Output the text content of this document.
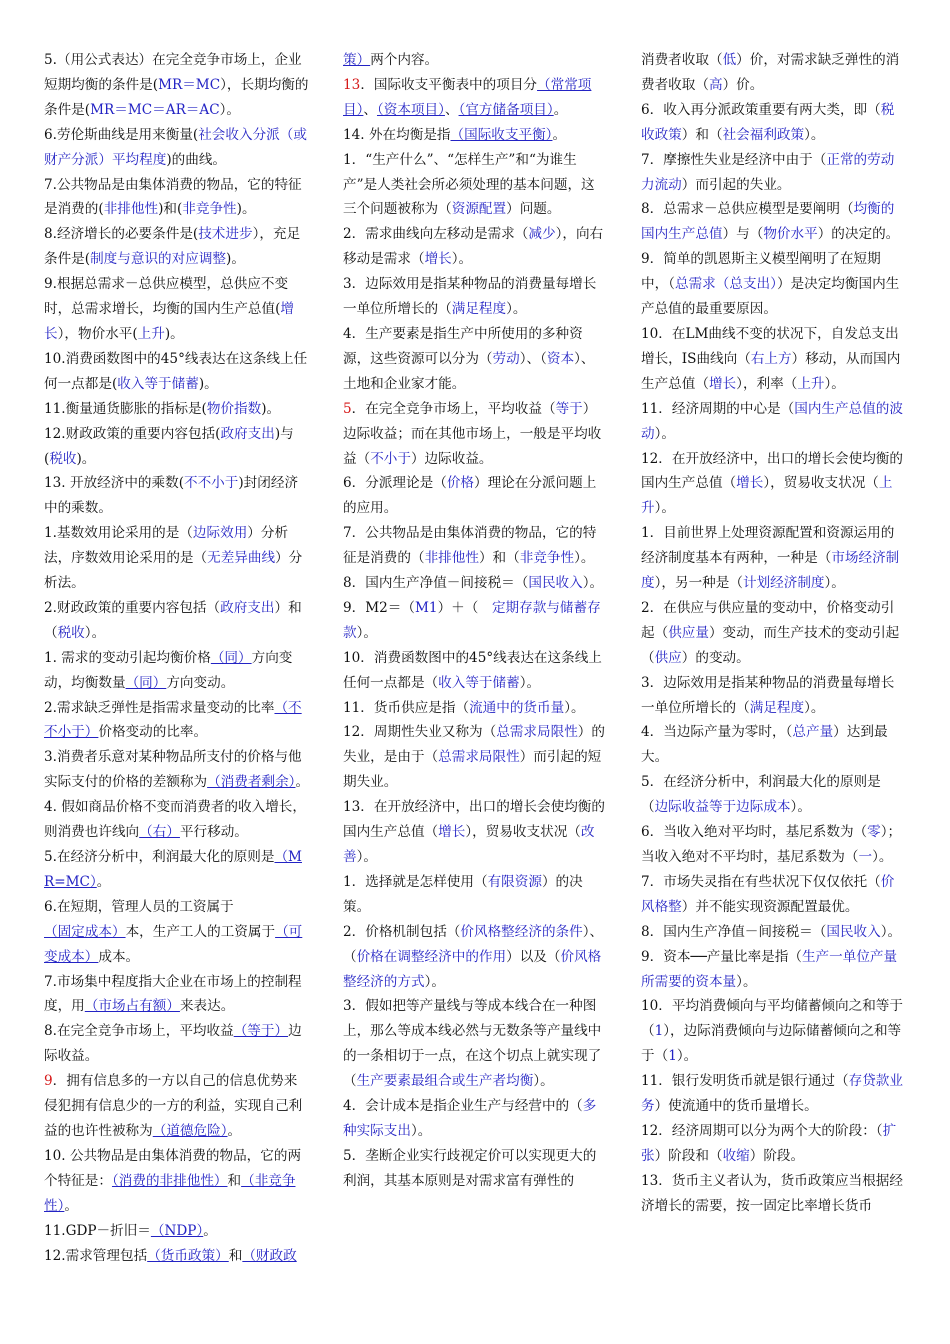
5.（用公式表达）在完全竞争市场上，企业短期均衡的条件是(MR＝MC），长期均衡的条件是(MR＝MC＝AR＝AC）。

6.劳伦斯曲线是用来衡量(社会收入分派（或财产分派）平均程度)的曲线。

7.公共物品是由集体消费的物品，它的特征是消费的(非排他性)和(非竞争性)。

8.经济增长的必要条件是(技术进步），充足条件是(制度与意识的对应调整)。

9.根据总需求－总供应模型，总供应不变时，总需求增长，均衡的国内生产总值(增长），物价水平(上升)。

10.消费函数图中的45°线表达在这条线上任何一点都是(收入等于储蓄)。

11.衡量通货膨胀的指标是(物价指数)。

12.财政政策的重要内容包括(政府支出)与(税收)。

13. 开放经济中的乘数(不不小于)封闭经济中的乘数。

1.基数效用论采用的是（边际效用）分析法，序数效用论采用的是（无差异曲线）分析法。

2.财政政策的重要内容包括（政府支出）和（税收）。

1. 需求的变动引起均衡价格（同）方向变动，均衡数量（同）方向变动。

2.需求缺乏弹性是指需求量变动的比率（不不小于）价格变动的比率。

3.消费者乐意对某种物品所支付的价格与他实际支付的价格的差额称为（消费者剩余）。

4. 假如商品价格不变而消费者的收入增长，则消费也许线向（右）平行移动。

5.在经济分析中，利润最大化的原则是（MR=MC）。

6.在短期，管理人员的工资属于（固定成本）本，生产工人的工资属于（可变成本）成本。

7.市场集中程度指大企业在市场上的控制程度，用（市场占有额）来表达。

8.在完全竞争市场上，平均收益（等于）边际收益。

9．拥有信息多的一方以自己的信息优势来侵犯拥有信息少的一方的利益，实现自己利益的也许性被称为（道德危险）。

10. 公共物品是由集体消费的物品，它的两个特征是：（消费的非排他性）和（非竞争性）。

11.GDP－折旧＝（NDP）。

12.需求管理包括（货币政策）和（财政政

策）两个内容。

13．国际收支平衡表中的项目分（常常项目）、（资本项目）、（官方储备项目）。

14. 外在均衡是指（国际收支平衡）。

1．“生产什么”、“怎样生产”和“为谁生产”是人类社会所必须处理的基本问题，这三个问题被称为（资源配置）问题。

2．需求曲线向左移动是需求（减少），向右移动是需求（增长）。

3．边际效用是指某种物品的消费量每增长一单位所增长的（满足程度）。

4．生产要素是指生产中所使用的多种资源，这些资源可以分为（劳动）、（资本）、土地和企业家才能。

5．在完全竞争市场上，平均收益（等于）边际收益；而在其他市场上，一般是平均收益（不小于）边际收益。

6．分派理论是（价格）理论在分派问题上的应用。

7．公共物品是由集体消费的物品，它的特征是消费的（非排他性）和（非竞争性）。

8．国内生产净值－间接税＝（国民收入）。

9．M2＝（M1）＋（　定期存款与储蓄存款）。

10．消费函数图中的45°线表达在这条线上任何一点都是（收入等于储蓄）。

11．货币供应是指（流通中的货币量）。

12．周期性失业又称为（总需求局限性）的失业，是由于（总需求局限性）而引起的短期失业。

13．在开放经济中，出口的增长会使均衡的国内生产总值（增长），贸易收支状况（改善）。

1．选择就是怎样使用（有限资源）的决策。

2．价格机制包括（价风格整经济的条件）、（价格在调整经济中的作用）以及（价风格整经济的方式）。

3．假如把等产量线与等成本线合在一种图上，那么等成本线必然与无数条等产量线中的一条相切于一点，在这个切点上就实现了（生产要素最组合或生产者均衡）。

4．会计成本是指企业生产与经营中的（多种实际支出）。

5．垄断企业实行歧视定价可以实现更大的利润，其基本原则是对需求富有弹性的

消费者收取（低）价，对需求缺乏弹性的消费者收取（高）价。

6．收入再分派政策重要有两大类，即（税收政策）和（社会福利政策）。

7．摩擦性失业是经济中由于（正常的劳动力流动）而引起的失业。

8．总需求－总供应模型是要阐明（均衡的国内生产总值）与（物价水平）的决定的。

9．简单的凯恩斯主义模型阐明了在短期中，（总需求（总支出））是决定均衡国内生产总值的最重要原因。

10．在LM曲线不变的状况下，自发总支出增长，IS曲线向（右上方）移动，从而国内生产总值（增长），利率（上升）。

11．经济周期的中心是（国内生产总值的波动）。

12．在开放经济中，出口的增长会使均衡的国内生产总值（增长），贸易收支状况（上升）。

1．目前世界上处理资源配置和资源运用的经济制度基本有两种，一种是（市场经济制度），另一种是（计划经济制度）。

2．在供应与供应量的变动中，价格变动引起（供应量）变动，而生产技术的变动引起（供应）的变动。

3．边际效用是指某种物品的消费量每增长一单位所增长的（满足程度）。

4．当边际产量为零时，（总产量）达到最大。

5．在经济分析中，利润最大化的原则是（边际收益等于边际成本）。

6．当收入绝对平均时，基尼系数为（零）；当收入绝对不平均时，基尼系数为（一）。

7．市场失灵指在有些状况下仅仅依托（价风格整）并不能实现资源配置最优。

8．国内生产净值－间接税＝（国民收入）。

9．资本──产量比率是指（生产一单位产量所需要的资本量）。

10．平均消费倾向与平均储蓄倾向之和等于（1），边际消费倾向与边际储蓄倾向之和等于（1）。

11．银行发明货币就是银行通过（存贷款业务）使流通中的货币量增长。

12．经济周期可以分为两个大的阶段：（扩张）阶段和（收缩）阶段。

13．货币主义者认为，货币政策应当根据经济增长的需要，按一固定比率增长货币
